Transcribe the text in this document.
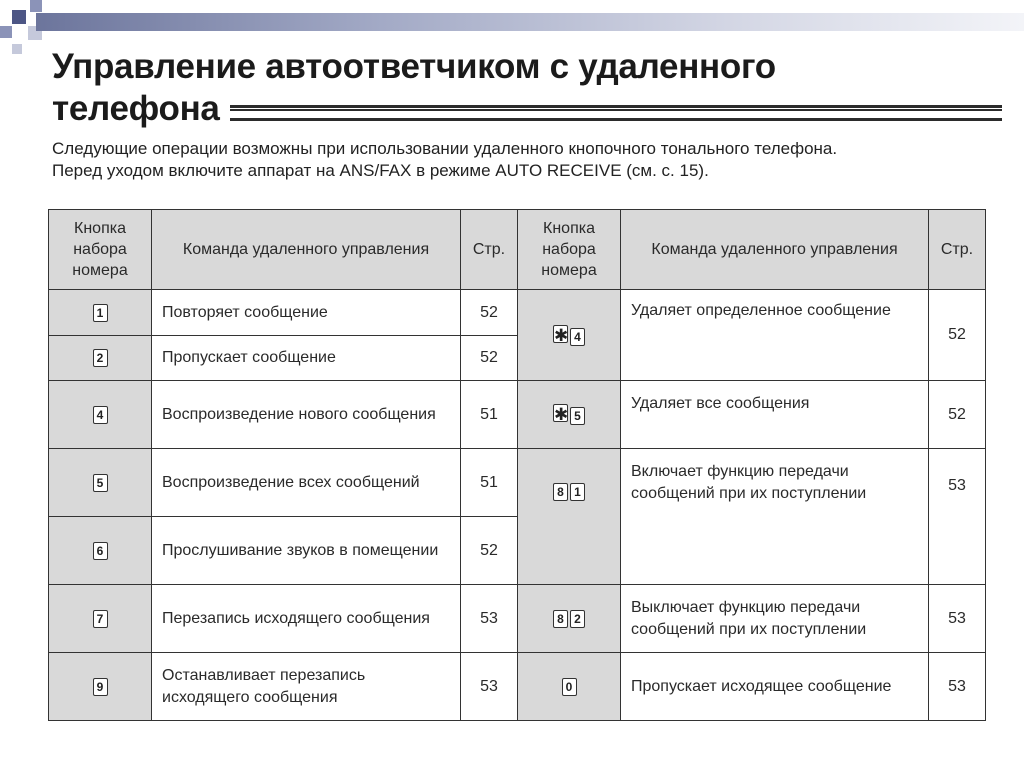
Управление автоответчиком с удаленного
телефона
Следующие операции возможны при использовании удаленного кнопочного тонального телефона.
Перед уходом включите аппарат на ANS/FAX в режиме AUTO RECEIVE (см. с. 15).
Кнопка набора номера	Команда удаленного управления	Стр.	Кнопка набора номера	Команда удаленного управления	Стр.
1	Повторяет сообщение	52	✱ 4	Удаляет определенное сообщение	52
2	Пропускает сообщение	52			
4	Воспроизведение нового сообщения	51	✱ 5	Удаляет все сообщения	52
5	Воспроизведение всех сообщений	51	8 1	Включает функцию передачи сообщений при их поступлении	53
6	Прослушивание звуков в помещении	52			
7	Перезапись исходящего сообщения	53	8 2	Выключает функцию передачи сообщений при их поступлении	53
9	Останавливает перезапись исходящего сообщения	53	0	Пропускает исходящее сообщение	53
